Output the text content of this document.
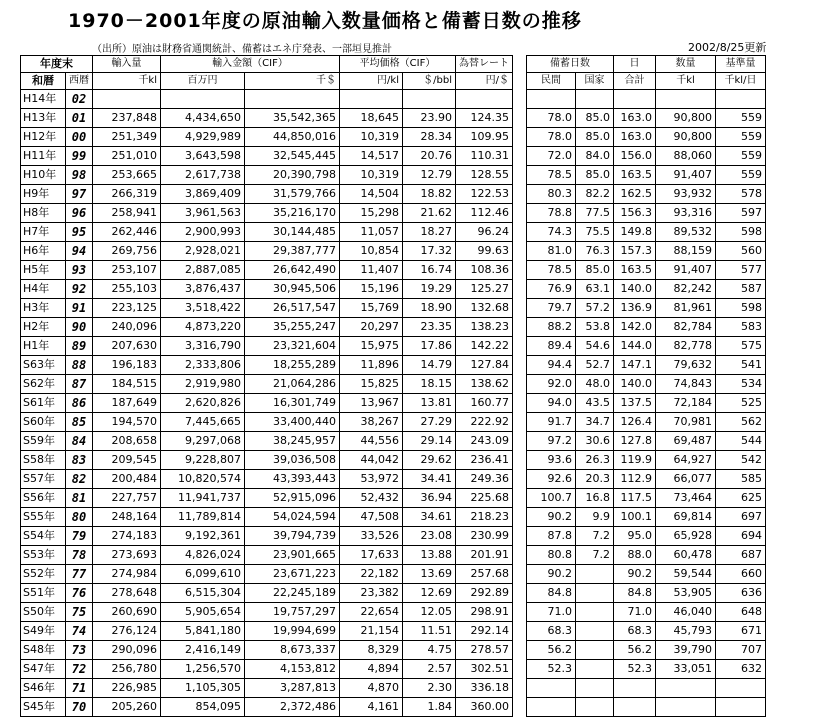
1970－2001年度の原油輸入数量価格と備蓄日数の推移
（出所）原油は財務省通関統計、備蓄はエネ庁発表、一部垣見推計	2002/8/25更新
年度末		輸入量	輸入金額（CIF）		平均価格（CIF）		為替レート		備蓄日数		日	数量	基準量
和暦	西暦	千kl	百万円	千＄	円/kl	＄/bbl	円/＄		民間	国家	合計	千kl	千kl/日
H14年	02												
H13年	01	237,848	4,434,650	35,542,365	18,645	23.90	124.35		78.0	85.0	163.0	90,800	559
H12年	00	251,349	4,929,989	44,850,016	10,319	28.34	109.95		78.0	85.0	163.0	90,800	559
H11年	99	251,010	3,643,598	32,545,445	14,517	20.76	110.31		72.0	84.0	156.0	88,060	559
H10年	98	253,665	2,617,738	20,390,798	10,319	12.79	128.55		78.5	85.0	163.5	91,407	559
H9年	97	266,319	3,869,409	31,579,766	14,504	18.82	122.53		80.3	82.2	162.5	93,932	578
H8年	96	258,941	3,961,563	35,216,170	15,298	21.62	112.46		78.8	77.5	156.3	93,316	597
H7年	95	262,446	2,900,993	30,144,485	11,057	18.27	96.24		74.3	75.5	149.8	89,532	598
H6年	94	269,756	2,928,021	29,387,777	10,854	17.32	99.63		81.0	76.3	157.3	88,159	560
H5年	93	253,107	2,887,085	26,642,490	11,407	16.74	108.36		78.5	85.0	163.5	91,407	577
H4年	92	255,103	3,876,437	30,945,506	15,196	19.29	125.27		76.9	63.1	140.0	82,242	587
H3年	91	223,125	3,518,422	26,517,547	15,769	18.90	132.68		79.7	57.2	136.9	81,961	598
H2年	90	240,096	4,873,220	35,255,247	20,297	23.35	138.23		88.2	53.8	142.0	82,784	583
H1年	89	207,630	3,316,790	23,321,604	15,975	17.86	142.22		89.4	54.6	144.0	82,778	575
S63年	88	196,183	2,333,806	18,255,289	11,896	14.79	127.84		94.4	52.7	147.1	79,632	541
S62年	87	184,515	2,919,980	21,064,286	15,825	18.15	138.62		92.0	48.0	140.0	74,843	534
S61年	86	187,649	2,620,826	16,301,749	13,967	13.81	160.77		94.0	43.5	137.5	72,184	525
S60年	85	194,570	7,445,665	33,400,440	38,267	27.29	222.92		91.7	34.7	126.4	70,981	562
S59年	84	208,658	9,297,068	38,245,957	44,556	29.14	243.09		97.2	30.6	127.8	69,487	544
S58年	83	209,545	9,228,807	39,036,508	44,042	29.62	236.41		93.6	26.3	119.9	64,927	542
S57年	82	200,484	10,820,574	43,393,443	53,972	34.41	249.36		92.6	20.3	112.9	66,077	585
S56年	81	227,757	11,941,737	52,915,096	52,432	36.94	225.68		100.7	16.8	117.5	73,464	625
S55年	80	248,164	11,789,814	54,024,594	47,508	34.61	218.23		90.2	9.9	100.1	69,814	697
S54年	79	274,183	9,192,361	39,794,739	33,526	23.08	230.99		87.8	7.2	95.0	65,928	694
S53年	78	273,693	4,826,024	23,901,665	17,633	13.88	201.91		80.8	7.2	88.0	60,478	687
S52年	77	274,984	6,099,610	23,671,223	22,182	13.69	257.68		90.2		90.2	59,544	660
S51年	76	278,648	6,515,304	22,245,189	23,382	12.69	292.89		84.8		84.8	53,905	636
S50年	75	260,690	5,905,654	19,757,297	22,654	12.05	298.91		71.0		71.0	46,040	648
S49年	74	276,124	5,841,180	19,994,699	21,154	11.51	292.14		68.3		68.3	45,793	671
S48年	73	290,096	2,416,149	8,673,337	8,329	4.75	278.57		56.2		56.2	39,790	707
S47年	72	256,780	1,256,570	4,153,812	4,894	2.57	302.51		52.3		52.3	33,051	632
S46年	71	226,985	1,105,305	3,287,813	4,870	2.30	336.18						
S45年	70	205,260	854,095	2,372,486	4,161	1.84	360.00						
